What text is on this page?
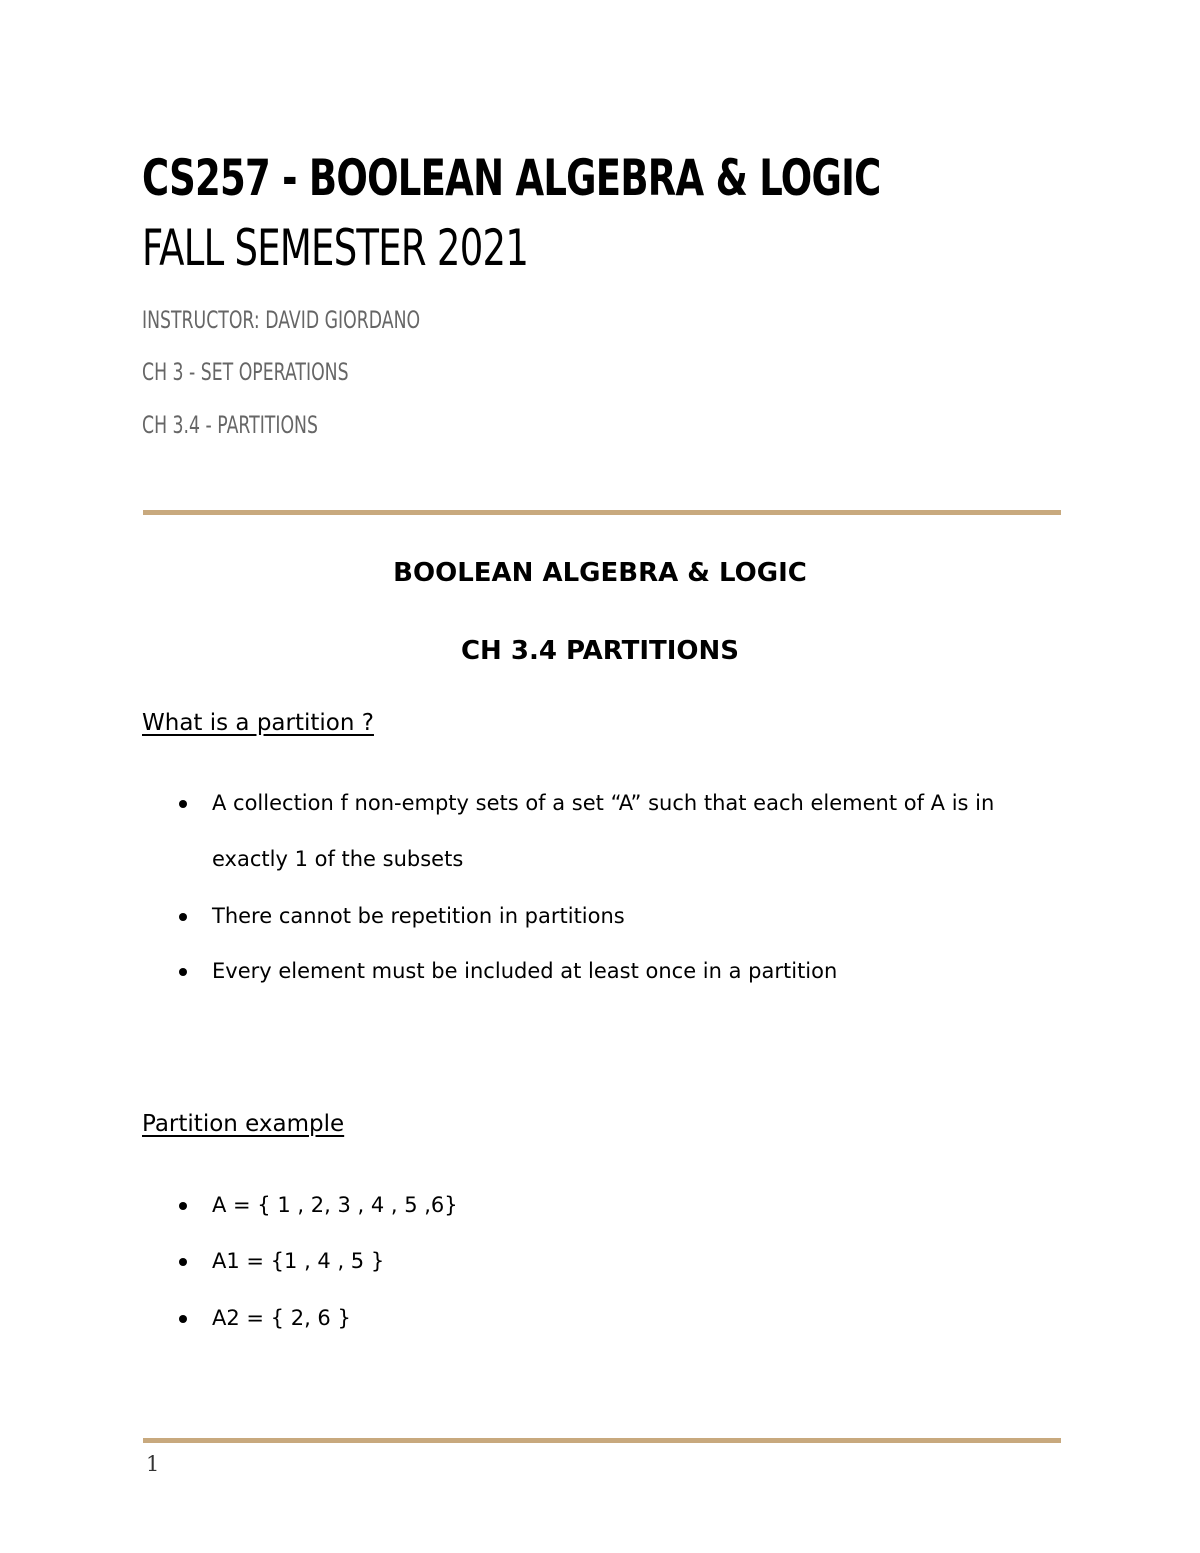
CS257 - BOOLEAN ALGEBRA & LOGIC
FALL SEMESTER 2021
INSTRUCTOR: DAVID GIORDANO
CH 3 - SET OPERATIONS
CH 3.4 - PARTITIONS
BOOLEAN ALGEBRA & LOGIC
CH 3.4 PARTITIONS
What is a partition ?
A collection f non-empty sets of a set “A” such that each element of A is in
exactly 1 of the subsets
There cannot be repetition in partitions
Every element must be included at least once in a partition
Partition example
A = { 1 , 2, 3 , 4 , 5 ,6}
A1 = {1 , 4 , 5 }
A2 = { 2, 6 }
1
